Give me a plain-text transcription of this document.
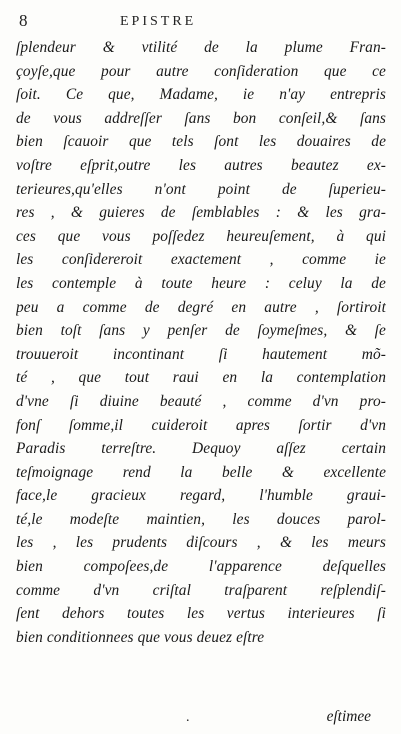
8	EPISTRE
ſplendeur & vtilité de la plume Fran-
çoyſe,que pour autre conſideration que ce
ſoit. Ce que, Madame, ie n'ay entrepris
de vous addreſſer ſans bon conſeil,& ſans
bien ſcauoir que tels ſont les douaires de
voſtre eſprit,outre les autres beautez ex-
terieures,qu'elles n'ont point de ſuperieu-
res , & guieres de ſemblables : & les gra-
ces que vous poſſedez heureuſement, à qui
les conſidereroit exactement , comme ie
les contemple à toute heure : celuy la de
peu a comme de degré en autre , ſortiroit
bien toſt ſans y penſer de ſoymeſmes, & ſe
trouueroit incontinant ſi hautement mõ-
té , que tout raui en la contemplation
d'vne ſi diuine beauté , comme d'vn pro-
fonſ ſomme,il cuideroit apres ſortir d'vn
Paradis terreſtre. Dequoy aſſez certain
teſmoignage rend la belle & excellente
face,le gracieux regard, l'humble graui-
té,le modeſte maintien, les douces parol-
les , les prudents diſcours , & les meurs
bien compoſees,de l'apparence deſquelles
comme d'vn criſtal traſparent reſplendiſ-
ſent dehors toutes les vertus interieures ſi
bien conditionnees que vous deuez eſtre
.	eſtimee
